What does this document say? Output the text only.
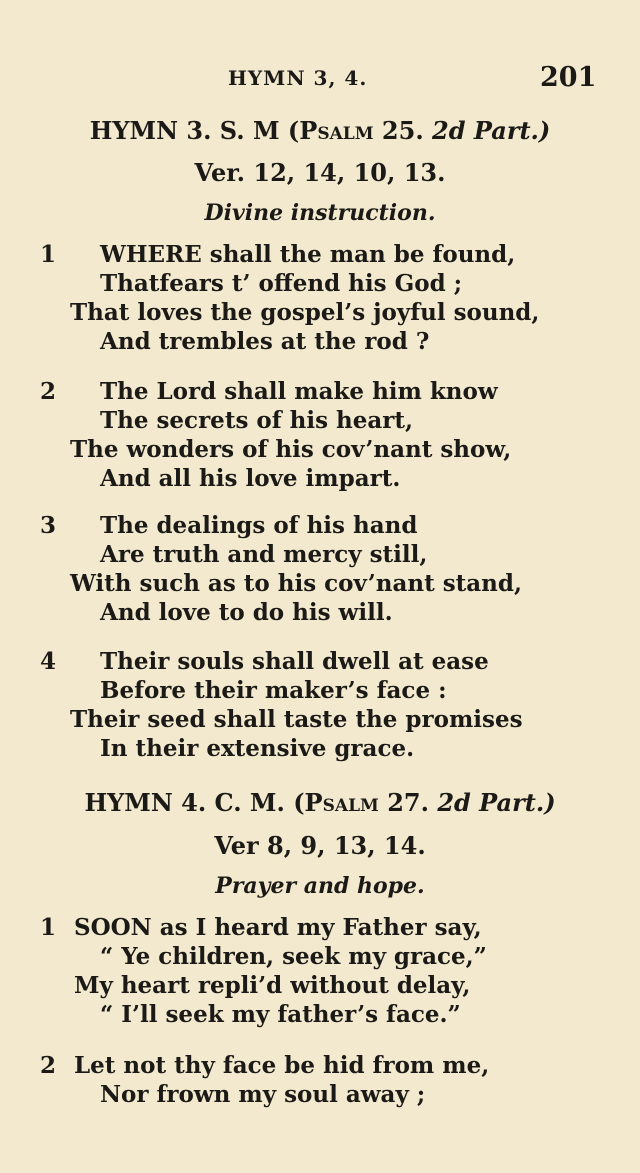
HYMN 3, 4.	201
HYMN 3. S. M (Psalm 25. 2d Part.)
Ver. 12, 14, 10, 13.
Divine instruction.
1 WHERE shall the man be found,
Thatfears t’ offend his God ;
That loves the gospel’s joyful sound,
And trembles at the rod ?
2 The Lord shall make him know
The secrets of his heart,
The wonders of his cov’nant show,
And all his love impart.
3 The dealings of his hand
Are truth and mercy still,
With such as to his cov’nant stand,
And love to do his will.
4 Their souls shall dwell at ease
Before their maker’s face :
Their seed shall taste the promises
In their extensive grace.
HYMN 4. C. M. (Psalm 27. 2d Part.)
Ver 8, 9, 13, 14.
Prayer and hope.
1 SOON as I heard my Father say,
“ Ye children, seek my grace,”
My heart repli’d without delay,
“ I’ll seek my father’s face.”
2 Let not thy face be hid from me,
Nor frown my soul away ;
